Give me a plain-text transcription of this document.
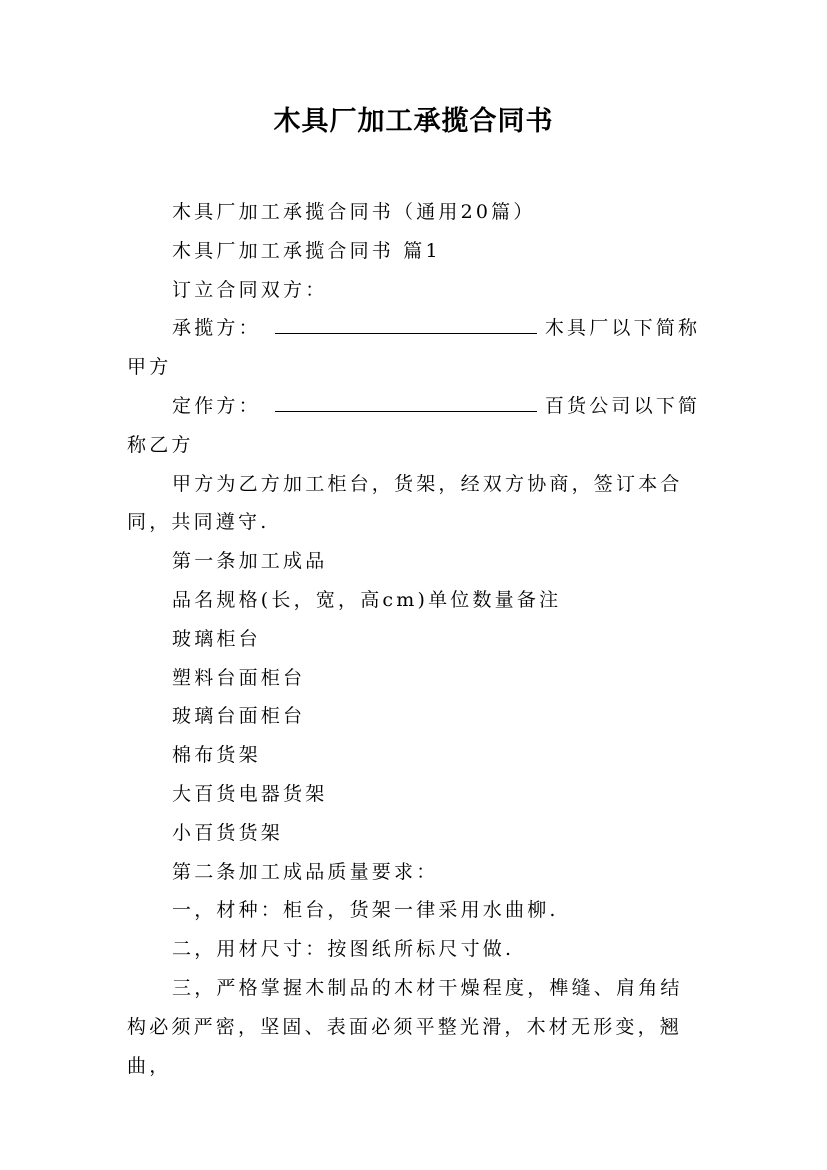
木具厂加工承揽合同书

木具厂加工承揽合同书（通用20篇）

木具厂加工承揽合同书 篇1

订立合同双方：

承揽方：	木具厂以下简称甲方

定作方：	百货公司以下简称乙方

甲方为乙方加工柜台，货架，经双方协商，签订本合同，共同遵守.

第一条加工成品

品名规格(长，宽，高cm)单位数量备注

玻璃柜台

塑料台面柜台

玻璃台面柜台

棉布货架

大百货电器货架

小百货货架

第二条加工成品质量要求：

一，材种：柜台，货架一律采用水曲柳.

二，用材尺寸：按图纸所标尺寸做.

三，严格掌握木制品的木材干燥程度，榫缝、肩角结构必须严密，坚固、表面必须平整光滑，木材无形变，翘曲，
